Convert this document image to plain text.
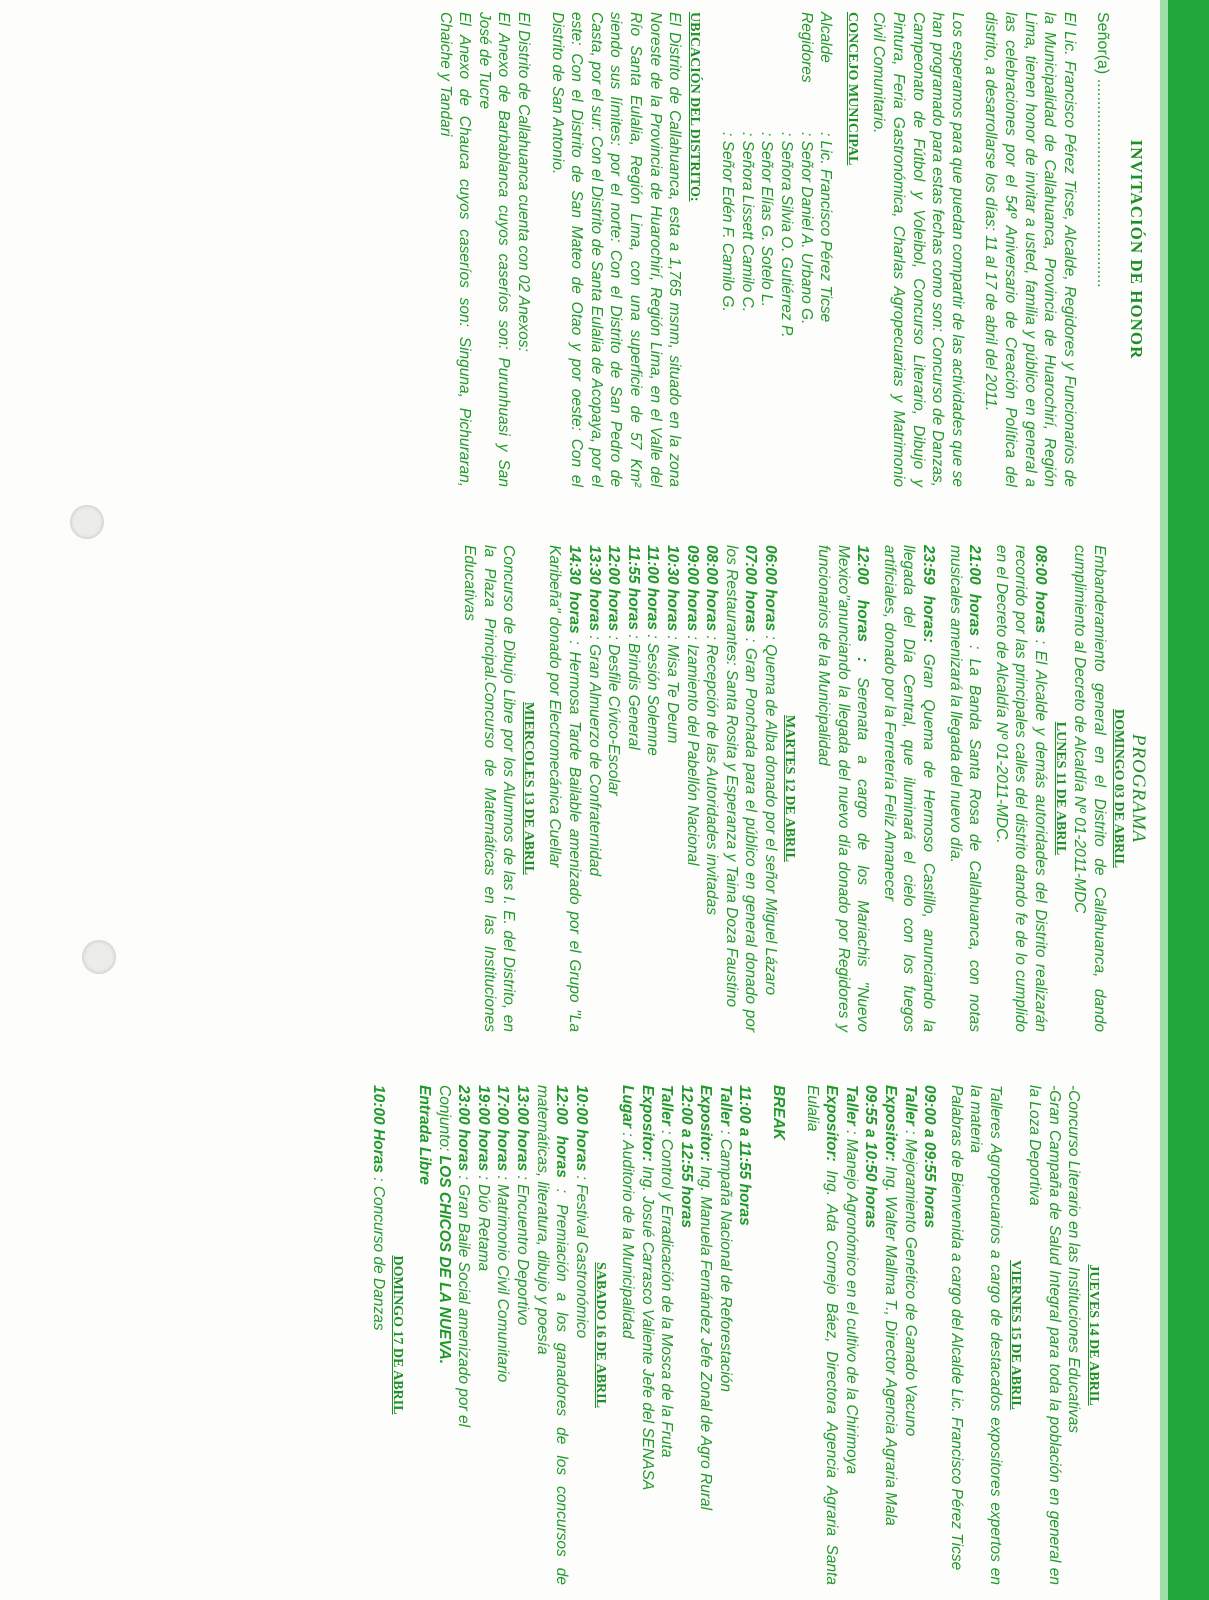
INVITACIÓN DE HONOR

Señor(a) ...............................................

El Lic. Francisco Pérez Ticse, Alcalde, Regidores y Funcionarios de la Municipalidad de Callahuanca, Provincia de Huarochirí, Región Lima, tienen honor de invitar a usted, familia y público en general a las celebraciones por el 54º Aniversario de Creación Política del distrito, a desarrollarse los días: 11 al 17 de abril del 2011.

Los esperamos para que puedan compartir de las actividades que se han programado para estas fechas como son: Concurso de Danzas, Campeonato de Fútbol y Voleibol, Concurso Literario, Dibujo y Pintura, Feria Gastronómica, Charlas Agropecuarias y Matrimonio Civil Comunitario.

CONCEJO MUNICIPAL

Alcalde
: Lic. Francisco Pérez Ticse
Regidores
: Señor Daniel A. Urbano G.
: Señora Silvia O. Gutiérrez P.
: Señor Elías G. Sotelo L.
: Señora Lissett Camilo C.
: Señor Edén F. Camilo G.

UBICACIÓN DEL DISTRITO:

El Distrito de Callahuanca, esta a 1,765 msnm, situado en la zona Noreste de la Provincia de Huarochirí, Región Lima, en el Valle del Río Santa Eulalia, Región Lima, con una superficie de 57 Km² siendo sus límites: por el norte: Con el Distrito de San Pedro de Casta, por el sur: Con el Distrito de Santa Eulalia de Acopaya, por el este: Con el Distrito de San Mateo de Otao y por oeste: Con el Distrito de San Antonio.

El Distrito de Callahuanca cuenta con 02 Anexos:

El Anexo de Barbablanca cuyos caseríos son: Purunhuasi y San José de Tucre

El Anexo de Chauca cuyos caseríos son: Singuna, Pichuraran, Chaiche y Tandari

PROGRAMA

DOMINGO 03 DE ABRIL

Embanderamiento general en el Distrito de Callahuanca, dando cumplimiento al Decreto de Alcaldía Nº 01-2011-MDC

LUNES 11 DE ABRIL

08:00 horas : El Alcalde y demás autoridades del Distrito realizarán recorrido por las principales calles del distrito dando fe de lo cumplido en el Decreto de Alcaldía Nº 01-2011-MDC.

21:00 horas : La Banda Santa Rosa de Callahuanca, con notas musicales amenizará la llegada del nuevo día.

23:59 horas: Gran Quema de Hermoso Castillo, anunciando la llegada del Día Central, que iluminará el cielo con los fuegos artificiales, donado por la Ferretería Feliz Amanecer

12:00 horas : Serenata a cargo de los Mariachis "Nuevo Mexico"anunciando la llegada del nuevo día donado por Regidores y funcionarios de la Municipalidad

MARTES 12 DE ABRIL

06:00 horas : Quema de Alba donado por el señor Miguel Lázaro

07:00 horas : Gran Ponchada para el público en general donado por los Restaurantes: Santa Rosita y Esperanza y Taina Doza Faustino

08:00 horas : Recepción de las Autoridades invitadas

09:00 horas : Izamiento del Pabellón Nacional

10:30 horas : Misa Te Deum

11:00 horas : Sesión Solemne

11:55 horas : Brindis General

12:00 horas : Desfile Cívico-Escolar

13:30 horas : Gran Almuerzo de Confraternidad

14:30 horas : Hermosa Tarde Bailable amenizado por el Grupo "La Karibeña" donado por Electromecánica Cuellar

MIERCOLES 13 DE ABRIL

Concurso de Dibujo Libre por los Alumnos de las I. E. del Distrito, en la Plaza Principal.Concurso de Matemáticas en las Instituciones Educativas

JUEVES 14 DE ABRIL

-Concurso Literario en las Instituciones Educativas

-Gran Campaña de Salud Integral para toda la población en general en la Loza Deportiva

VIERNES 15 DE ABRIL

Talleres Agropecuarios a cargo de destacados expositores expertos en la materia

Palabras de Bienvenida a cargo del Alcalde Lic. Francisco Pérez Ticse

09:00 a 09:55 horas

Taller : Mejoramiento Genético de Ganado Vacuno

Expositor: Ing. Walter Mallma T., Director Agencia Agraria Mala

09:55 a 10:50 horas

Taller : Manejo Agronómico en el cultivo de la Chirimoya

Expositor: Ing. Ada Cornejo Báez, Directora Agencia Agraria Santa Eulalia

BREAK

11:00 a 11:55 horas

Taller : Campaña Nacional de Reforestación

Expositor: Ing. Manuela Fernández Jefe Zonal de Agro Rural

12:00 a 12:55 horas

Taller : Control y Erradicación de la Mosca de la Fruta

Expositor: Ing. Josué Carrasco Valiente Jefe del SENASA

Lugar : Auditorio de la Municipalidad

SABADO 16 DE ABRIL

10:00 horas : Festival Gastronómico

12:00 horas : Premiación a los ganadores de los concursos de matemáticas, literatura, dibujo y poesía

13:00 horas : Encuentro Deportivo

17:00 horas : Matrimonio Civil Comunitario

19:00 horas : Dúo Retama

23:00 horas : Gran Baile Social amenizado por el

Conjunto: LOS CHICOS DE LA NUEVA.

Entrada Libre

DOMINGO 17 DE ABRIL

10:00 Horas : Concurso de Danzas
